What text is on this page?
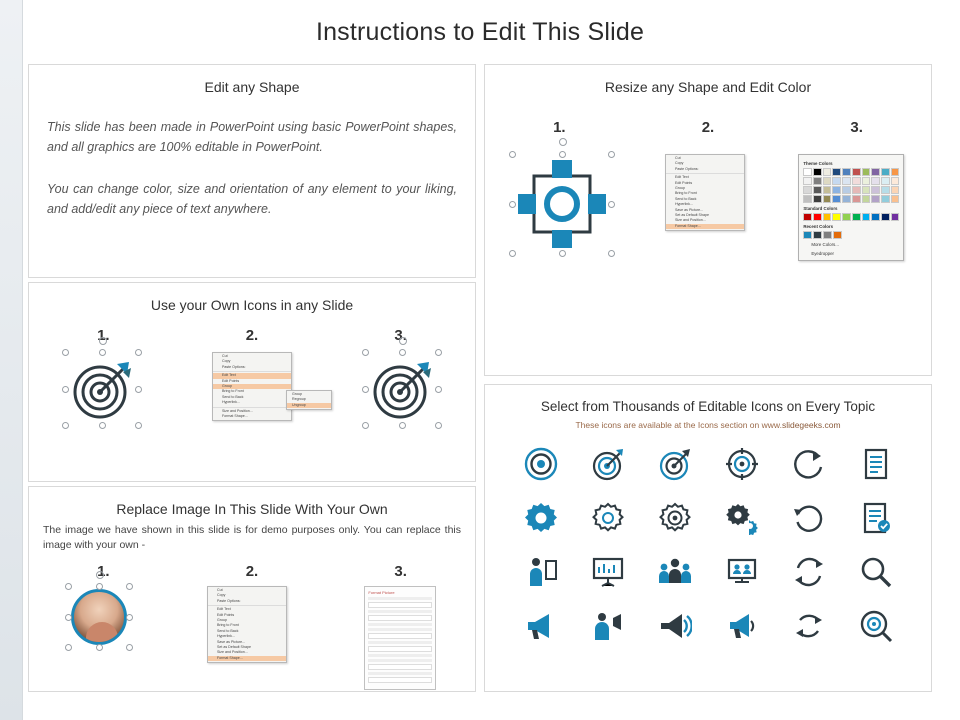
Instructions to Edit This Slide
Edit any Shape
This slide has been made in PowerPoint using basic PowerPoint shapes, and all graphics are 100% editable in PowerPoint.
You can change color, size and orientation of any element to your liking, and add/edit any piece of text anywhere.
Use your Own Icons in any Slide
1.	2.	3.
Cut
Copy
Paste Options:
Edit Text
Edit Points
Group
Bring to Front
Send to Back
Hyperlink...
Size and Position...
Format Shape...
Group
Regroup
Ungroup
Replace Image In This Slide With Your Own
The image we have shown in this slide is for demo purposes only. You can replace this image with your own -
1.	2.	3.
Cut
Copy
Paste Options:
Edit Text
Edit Points
Group
Bring to Front
Send to Back
Hyperlink...
Save as Picture...
Set as Default Shape
Size and Position...
Format Shape...
Format Picture
Resize any Shape and Edit Color
1.	2.	3.
Cut
Copy
Paste Options:
Edit Text
Edit Points
Group
Bring to Front
Send to Back
Hyperlink...
Save as Picture...
Set as Default Shape
Size and Position...
Format Shape...
Theme Colors
Standard Colors
Recent Colors
More Colors...
Eyedropper
Select from Thousands of Editable Icons on Every Topic
These icons are available at the Icons section on www.slidegeeks.com
